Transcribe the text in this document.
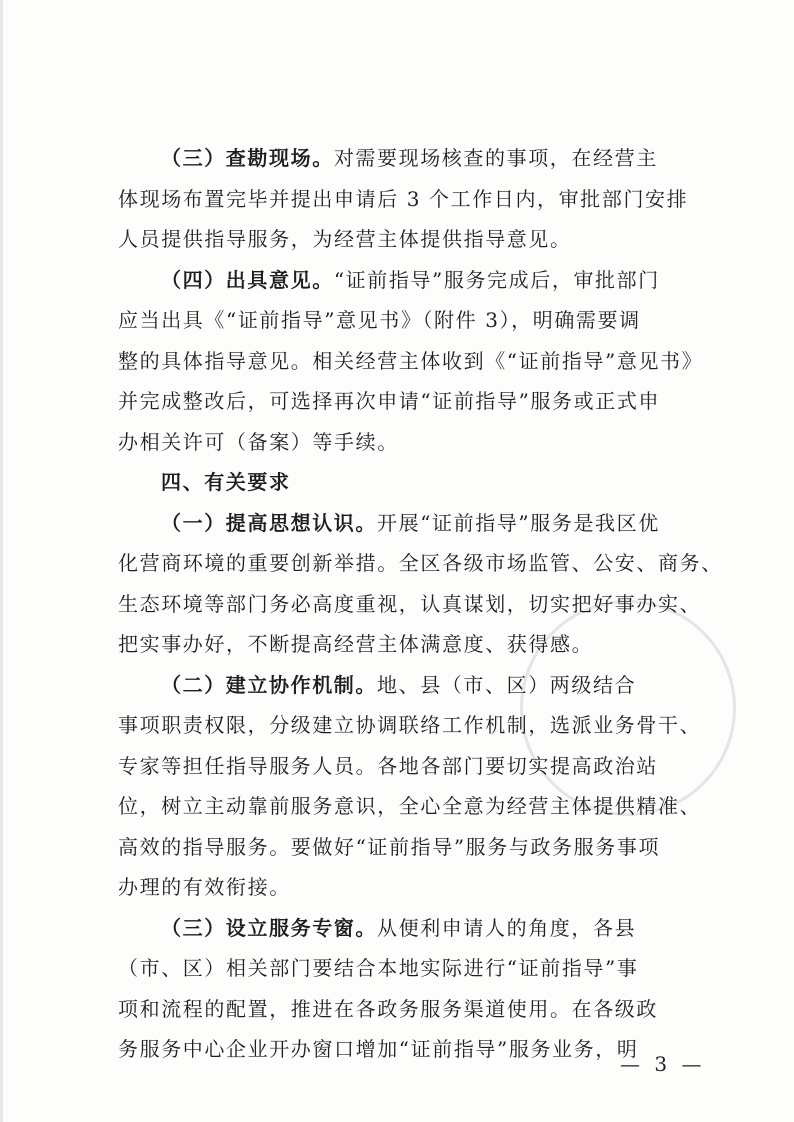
（三）查勘现场。对需要现场核查的事项，在经营主
体现场布置完毕并提出申请后 3 个工作日内，审批部门安排
人员提供指导服务，为经营主体提供指导意见。
（四）出具意见。“证前指导”服务完成后，审批部门
应当出具《“证前指导”意见书》（附件 3），明确需要调
整的具体指导意见。相关经营主体收到《“证前指导”意见书》
并完成整改后，可选择再次申请“证前指导”服务或正式申
办相关许可（备案）等手续。
四、有关要求
（一）提高思想认识。开展“证前指导”服务是我区优
化营商环境的重要创新举措。全区各级市场监管、公安、商务、
生态环境等部门务必高度重视，认真谋划，切实把好事办实、
把实事办好，不断提高经营主体满意度、获得感。
（二）建立协作机制。地、县（市、区）两级结合
事项职责权限，分级建立协调联络工作机制，选派业务骨干、
专家等担任指导服务人员。各地各部门要切实提高政治站
位，树立主动靠前服务意识，全心全意为经营主体提供精准、
高效的指导服务。要做好“证前指导”服务与政务服务事项
办理的有效衔接。
（三）设立服务专窗。从便利申请人的角度，各县
（市、区）相关部门要结合本地实际进行“证前指导”事
项和流程的配置，推进在各政务服务渠道使用。在各级政
务服务中心企业开办窗口增加“证前指导”服务业务，明
— 3 —
